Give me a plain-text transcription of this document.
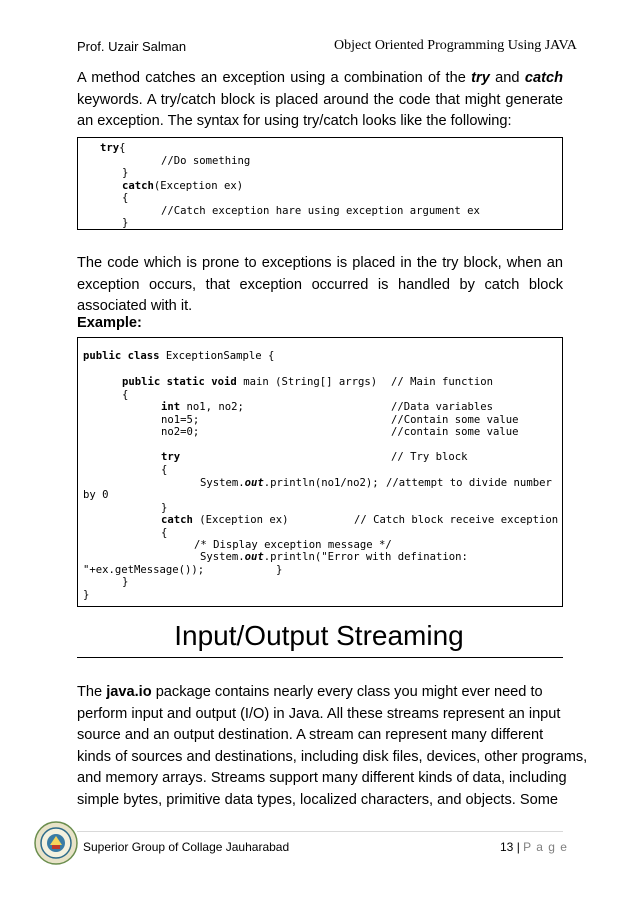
Prof. Uzair Salman	Object Oriented Programming Using JAVA
A method catches an exception using a combination of the try and catch keywords. A try/catch block is placed around the code that might generate an exception. The syntax for using try/catch looks like the following:
try{
//Do something
}
catch(Exception ex)
{
//Catch exception hare using exception argument ex
}
The code which is prone to exceptions is placed in the try block, when an exception occurs, that exception occurred is handled by catch block associated with it.
Example:
public class ExceptionSample {
public static void main (String[] arrgs) // Main function
{
int no1, no2;	//Data variables
no1=5;	//Contain some value
no2=0;	//contain some value
try	// Try block
{
System.out.println(no1/no2); //attempt to divide number
by 0
}
catch (Exception ex)	// Catch block receive exception
{
/* Display exception message */
System.out.println("Error with defination:
"+ex.getMessage());	}
}
}
Input/Output Streaming
The java.io package contains nearly every class you might ever need to
perform input and output (I/O) in Java. All these streams represent an input
source and an output destination. A stream can represent many different
kinds of sources and destinations, including disk files, devices, other programs,
and memory arrays. Streams support many different kinds of data, including
simple bytes, primitive data types, localized characters, and objects. Some
Superior Group of Collage Jauharabad	13 | P a g e
